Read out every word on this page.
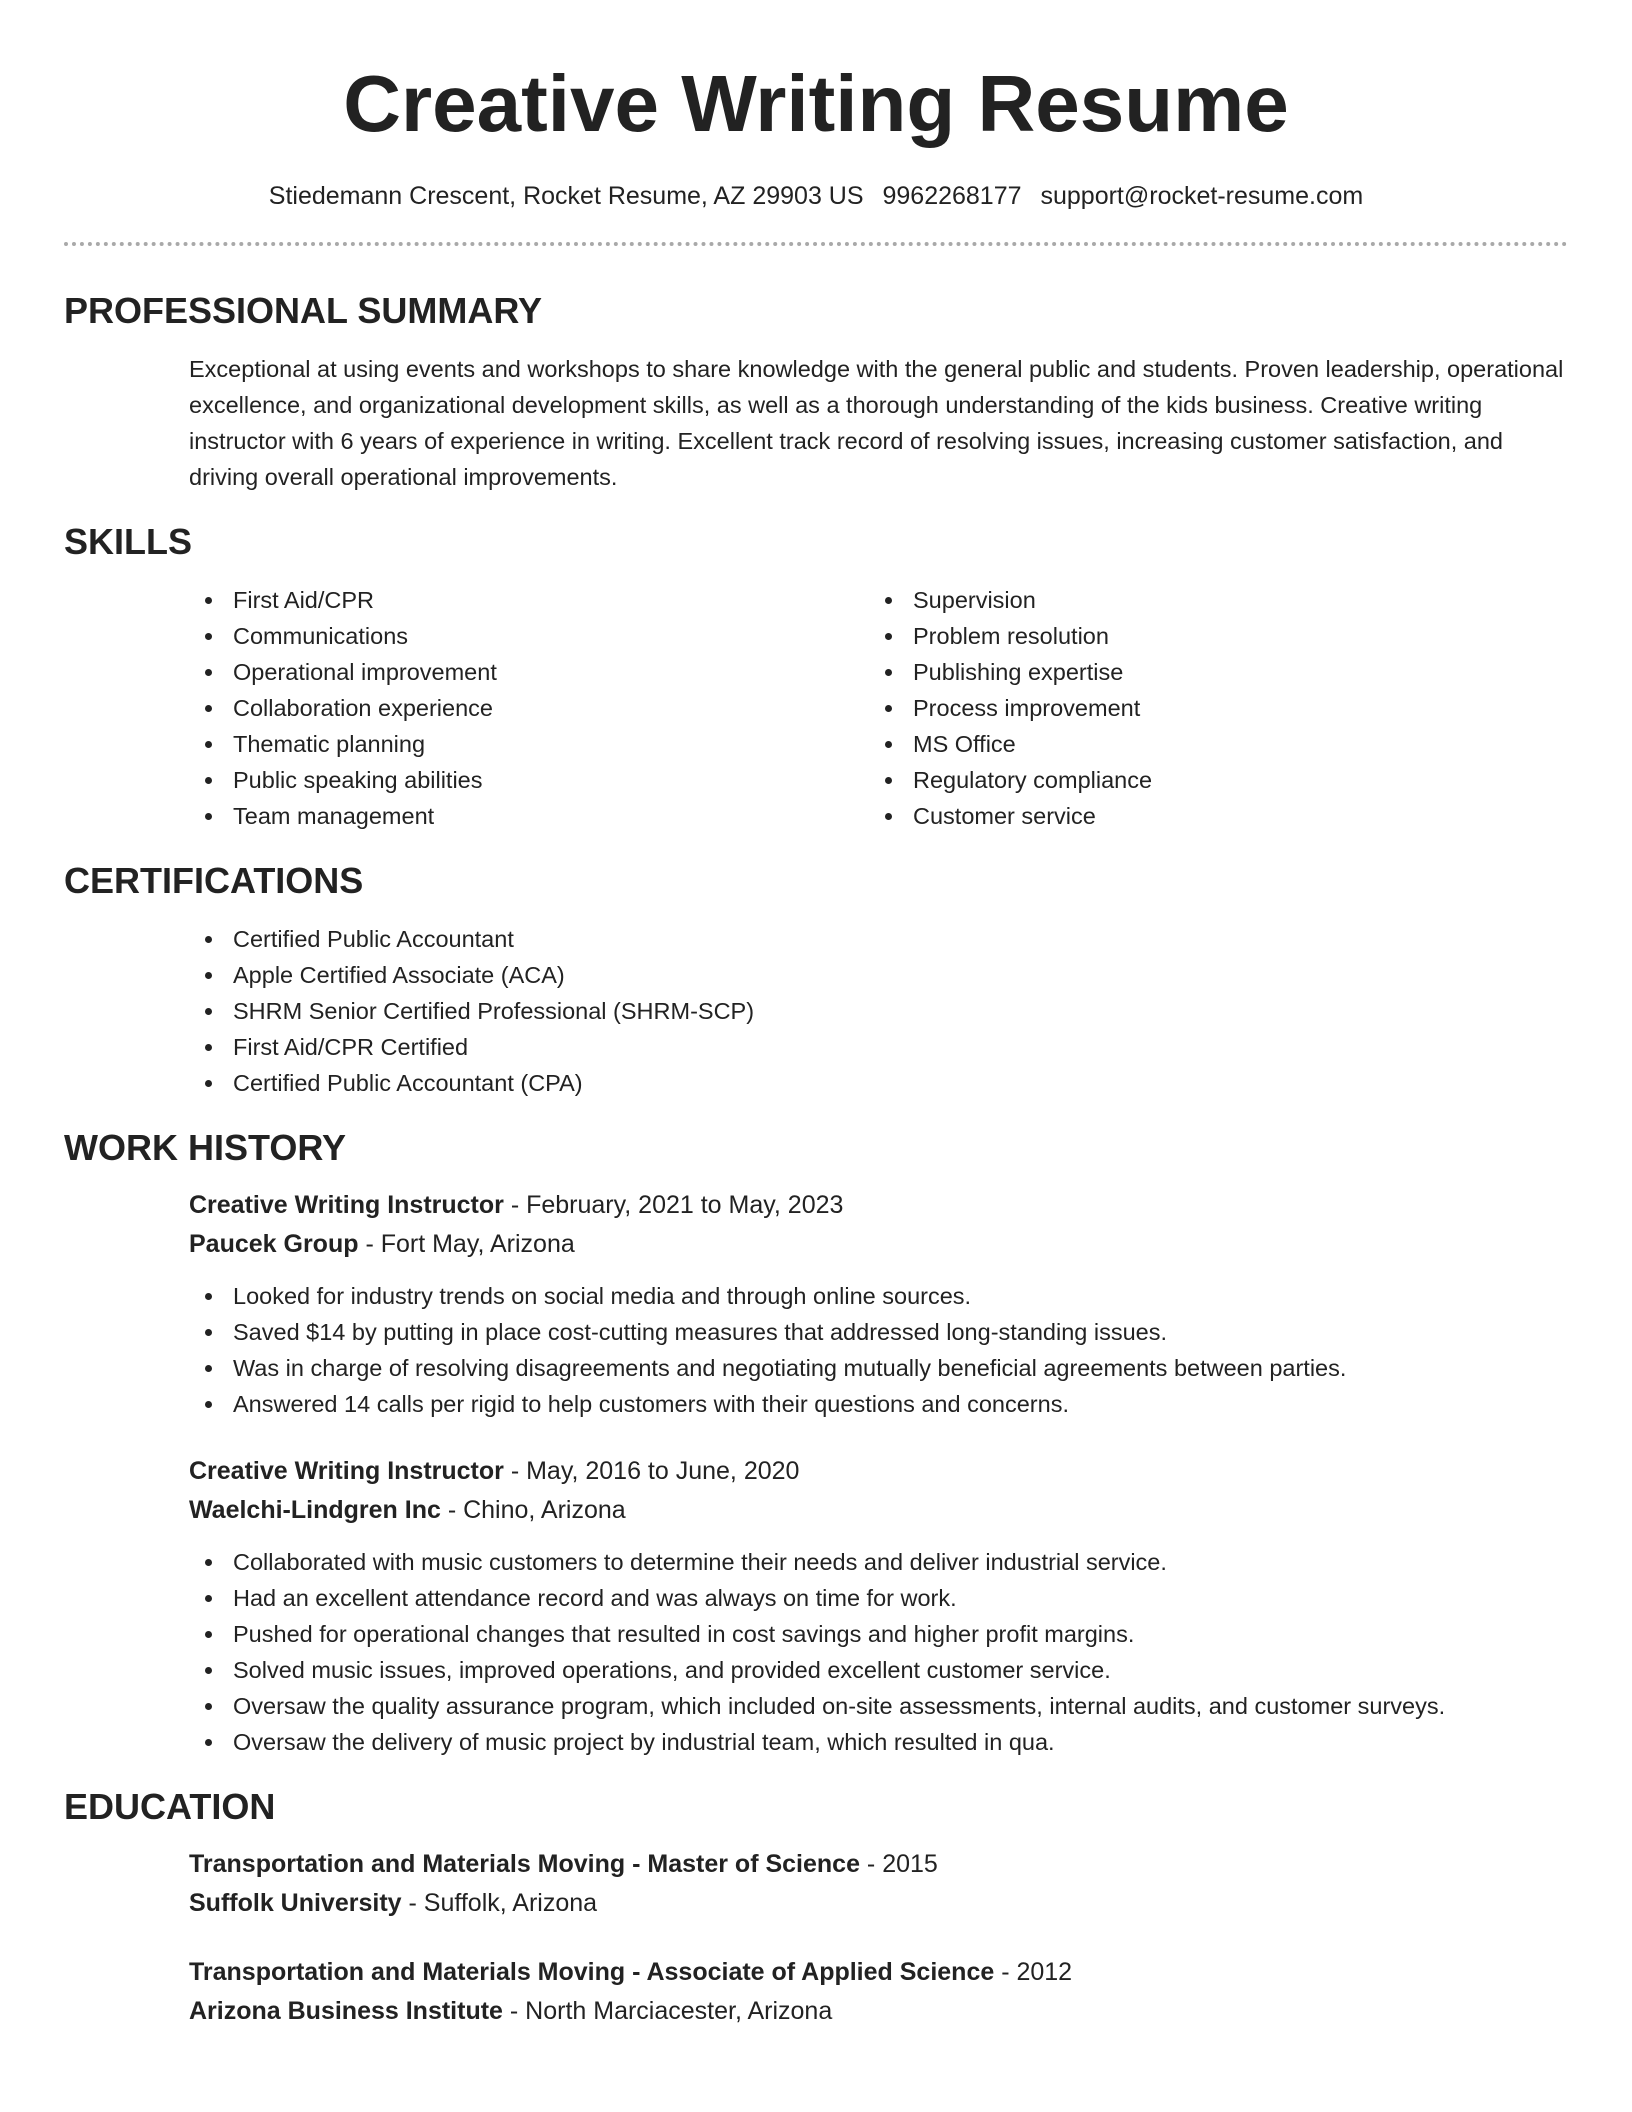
Creative Writing Resume
Stiedemann Crescent, Rocket Resume, AZ 29903 US 9962268177 support@rocket-resume.com
PROFESSIONAL SUMMARY
Exceptional at using events and workshops to share knowledge with the general public and students. Proven leadership, operational excellence, and organizational development skills, as well as a thorough understanding of the kids business. Creative writing instructor with 6 years of experience in writing. Excellent track record of resolving issues, increasing customer satisfaction, and driving overall operational improvements.
SKILLS
First Aid/CPR
Communications
Operational improvement
Collaboration experience
Thematic planning
Public speaking abilities
Team management
Supervision
Problem resolution
Publishing expertise
Process improvement
MS Office
Regulatory compliance
Customer service
CERTIFICATIONS
Certified Public Accountant
Apple Certified Associate (ACA)
SHRM Senior Certified Professional (SHRM-SCP)
First Aid/CPR Certified
Certified Public Accountant (CPA)
WORK HISTORY
Creative Writing Instructor - February, 2021 to May, 2023
Paucek Group - Fort May, Arizona
Looked for industry trends on social media and through online sources.
Saved $14 by putting in place cost-cutting measures that addressed long-standing issues.
Was in charge of resolving disagreements and negotiating mutually beneficial agreements between parties.
Answered 14 calls per rigid to help customers with their questions and concerns.
Creative Writing Instructor - May, 2016 to June, 2020
Waelchi-Lindgren Inc - Chino, Arizona
Collaborated with music customers to determine their needs and deliver industrial service.
Had an excellent attendance record and was always on time for work.
Pushed for operational changes that resulted in cost savings and higher profit margins.
Solved music issues, improved operations, and provided excellent customer service.
Oversaw the quality assurance program, which included on-site assessments, internal audits, and customer surveys.
Oversaw the delivery of music project by industrial team, which resulted in qua.
EDUCATION
Transportation and Materials Moving - Master of Science - 2015
Suffolk University - Suffolk, Arizona
Transportation and Materials Moving - Associate of Applied Science - 2012
Arizona Business Institute - North Marciacester, Arizona
